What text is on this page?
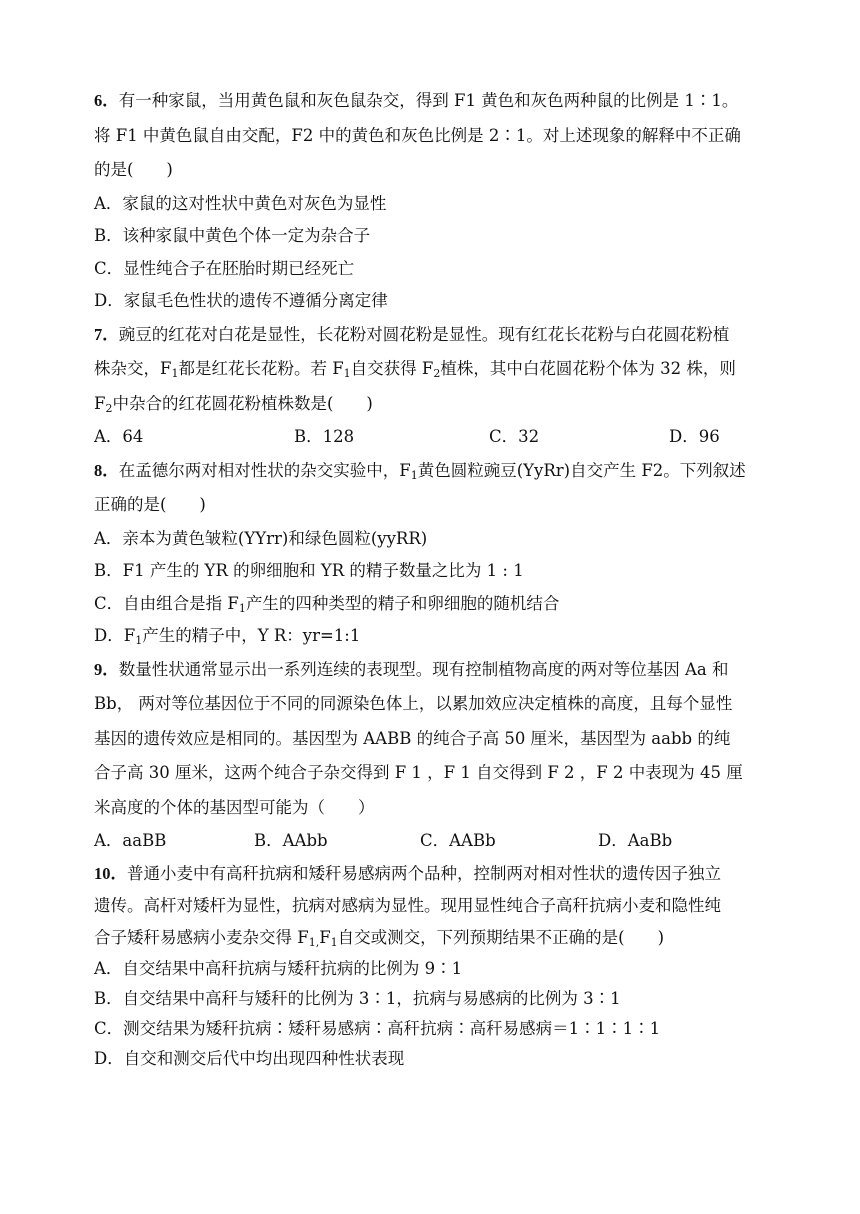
6．有一种家鼠，当用黄色鼠和灰色鼠杂交，得到 F1 黄色和灰色两种鼠的比例是 1∶1。
将 F1 中黄色鼠自由交配，F2 中的黄色和灰色比例是 2∶1。对上述现象的解释中不正确
的是(　　)

A．家鼠的这对性状中黄色对灰色为显性

B．该种家鼠中黄色个体一定为杂合子

C．显性纯合子在胚胎时期已经死亡

D．家鼠毛色性状的遗传不遵循分离定律

7．豌豆的红花对白花是显性，长花粉对圆花粉是显性。现有红花长花粉与白花圆花粉植
株杂交，$F_1$都是红花长花粉。若 $F_1$自交获得 $F_2$植株，其中白花圆花粉个体为 32 株，则
$F_2$中杂合的红花圆花粉植株数是(　　)

A．64	B．128	C．32	D．96

8．在孟德尔两对相对性状的杂交实验中，$F_1$黄色圆粒豌豆(YyRr)自交产生 F2。下列叙述
正确的是(　　)

A．亲本为黄色皱粒(YYrr)和绿色圆粒(yyRR)

B．F1 产生的 YR 的卵细胞和 YR 的精子数量之比为 1 : 1

C．自由组合是指 $F_1$产生的四种类型的精子和卵细胞的随机结合

D．$F_1$产生的精子中，Y R：yr=1:1

9．数量性状通常显示出一系列连续的表现型。现有控制植物高度的两对等位基因 Aa 和
Bb， 两对等位基因位于不同的同源染色体上，以累加效应决定植株的高度，且每个显性
基因的遗传效应是相同的。基因型为 AABB 的纯合子高 50 厘米，基因型为 aabb 的纯
合子高 30 厘米，这两个纯合子杂交得到 F 1 ，F 1 自交得到 F 2 ，F 2 中表现为 45 厘
米高度的个体的基因型可能为（　　）

A．aaBB	B．AAbb	C．AABb	D．AaBb

10．普通小麦中有高秆抗病和矮秆易感病两个品种，控制两对相对性状的遗传因子独立
遗传。高杆对矮杆为显性，抗病对感病为显性。现用显性纯合子高秆抗病小麦和隐性纯
合子矮秆易感病小麦杂交得 $F_{1,}F_1$自交或测交，下列预期结果不正确的是(　　)

A．自交结果中高秆抗病与矮秆抗病的比例为 9∶1

B．自交结果中高秆与矮秆的比例为 3∶1，抗病与易感病的比例为 3∶1

C．测交结果为矮秆抗病∶矮秆易感病∶高秆抗病∶高秆易感病＝1∶1∶1∶1

D．自交和测交后代中均出现四种性状表现
